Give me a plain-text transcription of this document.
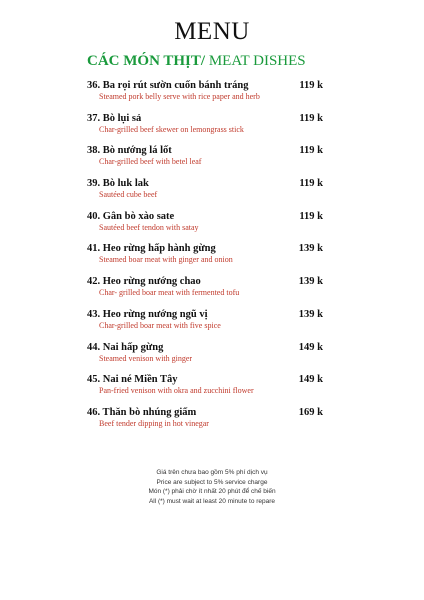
MENU
CÁC MÓN THỊT/ MEAT DISHES
36. Ba rọi rút sườn cuốn bánh tráng	119 k
Steamed pork belly serve with rice paper and herb
37. Bò lụi sả	119 k
Char-grilled beef skewer on lemongrass stick
38. Bò nướng lá lốt	119 k
Char-grilled beef with betel leaf
39. Bò luk lak	119 k
Sautéed cube beef
40. Gân bò xào sate	119 k
Sautéed beef tendon with satay
41. Heo rừng hấp hành gừng	139 k
Steamed boar meat with ginger and onion
42. Heo rừng nướng chao	139 k
Char- grilled boar meat with fermented tofu
43. Heo rừng nướng ngũ vị	139 k
Char-grilled boar meat with five spice
44. Nai hấp gừng	149 k
Steamed venison with ginger
45. Nai né Miền Tây	149 k
Pan-fried venison with okra and zucchini flower
46. Thăn bò nhúng giấm	169 k
Beef tender dipping in hot vinegar
Giá trên chưa bao gồm 5% phí dịch vụ
Price are subject to 5% service charge
Món (*) phải chờ ít nhất 20 phút để chế biến
All (*) must wait at least 20 minute to repare
